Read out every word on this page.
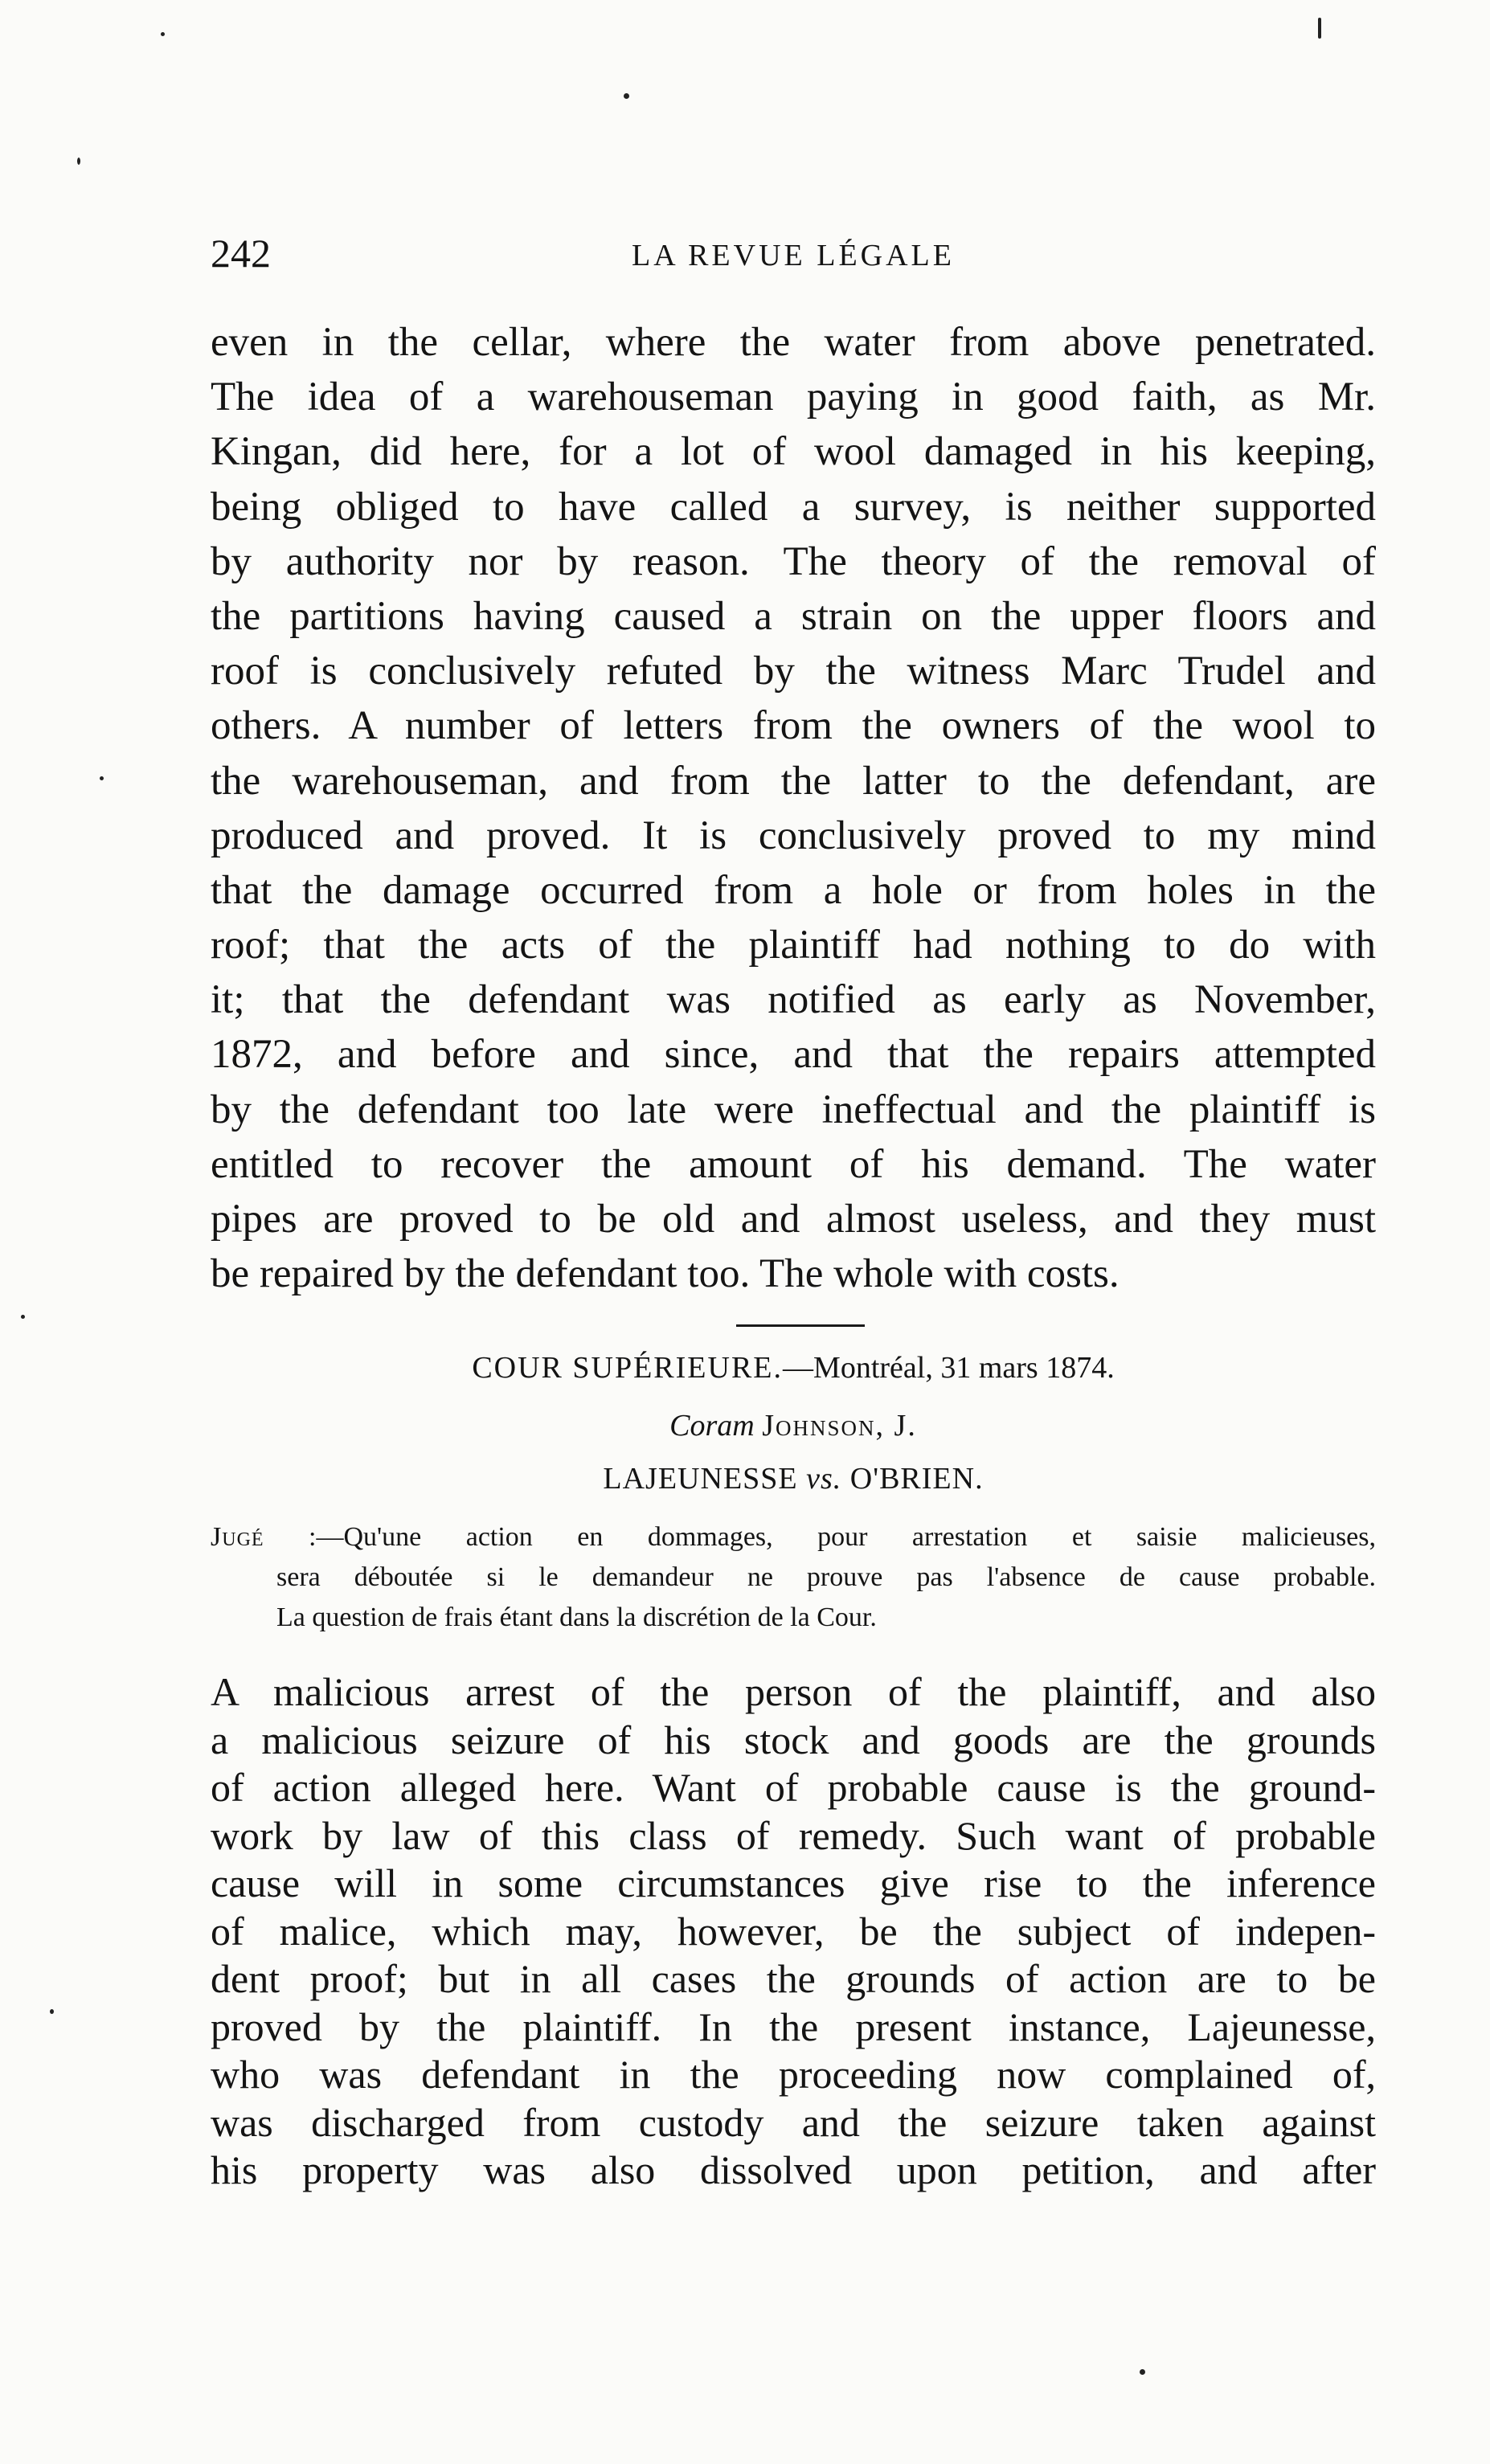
242	LA REVUE LÉGALE

even in the cellar, where the water from above penetrated.
The idea of a warehouseman paying in good faith, as Mr.
Kingan, did here, for a lot of wool damaged in his keeping,
being obliged to have called a survey, is neither supported
by authority nor by reason. The theory of the removal of
the partitions having caused a strain on the upper floors and
roof is conclusively refuted by the witness Marc Trudel and
others. A number of letters from the owners of the wool to
the warehouseman, and from the latter to the defendant, are
produced and proved. It is conclusively proved to my mind
that the damage occurred from a hole or from holes in the
roof; that the acts of the plaintiff had nothing to do with
it; that the defendant was notified as early as November,
1872, and before and since, and that the repairs attempted
by the defendant too late were ineffectual and the plaintiff is
entitled to recover the amount of his demand. The water
pipes are proved to be old and almost useless, and they must
be repaired by the defendant too. The whole with costs.

COUR SUPÉRIEURE.—Montréal, 31 mars 1874.
Coram Johnson, J.
LAJEUNESSE vs. O'BRIEN.
Jugé :—Qu'une action en dommages, pour arrestation et saisie malicieuses,
sera déboutée si le demandeur ne prouve pas l'absence de cause probable.
La question de frais étant dans la discrétion de la Cour.

A malicious arrest of the person of the plaintiff, and also
a malicious seizure of his stock and goods are the grounds
of action alleged here. Want of probable cause is the ground-
work by law of this class of remedy. Such want of probable
cause will in some circumstances give rise to the inference
of malice, which may, however, be the subject of indepen-
dent proof; but in all cases the grounds of action are to be
proved by the plaintiff. In the present instance, Lajeunesse,
who was defendant in the proceeding now complained of,
was discharged from custody and the seizure taken against
his property was also dissolved upon petition, and after
